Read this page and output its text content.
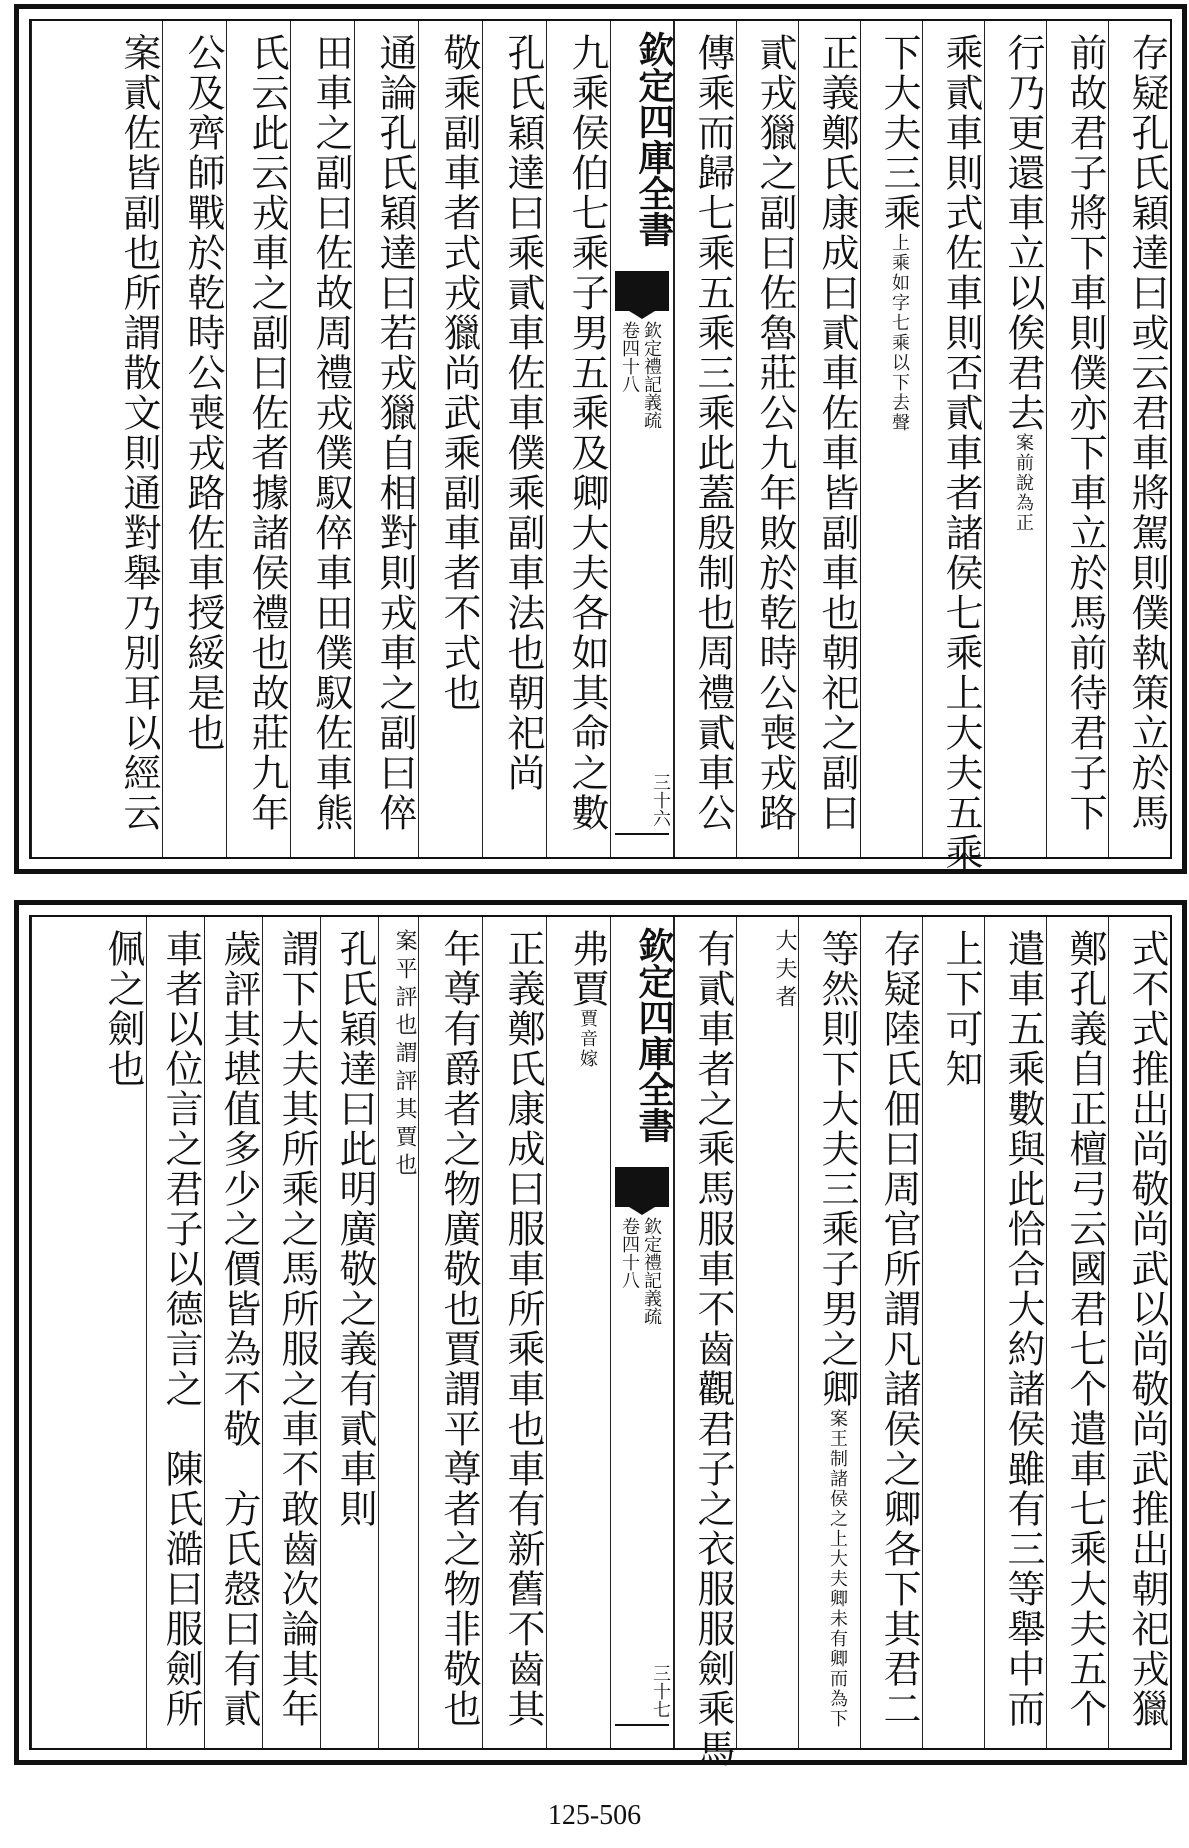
存疑孔氏穎達曰或云君車將駕則僕執策立於馬
前故君子將下車則僕亦下車立於馬前待君子下
行乃更還車立以俟君去案前說為正
乘貳車則式佐車則否貳車者諸侯七乘上大夫五乘
下大夫三乘上乘如字七乘以下去聲
正義鄭氏康成曰貳車佐車皆副車也朝祀之副曰
貳戎獵之副曰佐魯莊公九年敗於乾時公喪戎路
傳乘而歸七乘五乘三乘此蓋殷制也周禮貳車公
欽定四庫全書
欽定禮記義疏
卷四十八
三十六
九乘侯伯七乘子男五乘及卿大夫各如其命之數
孔氏穎達曰乘貳車佐車僕乘副車法也朝祀尚
敬乘副車者式戎獵尚武乘副車者不式也
通論孔氏穎達曰若戎獵自相對則戎車之副曰倅
田車之副曰佐故周禮戎僕馭倅車田僕馭佐車熊
氏云此云戎車之副曰佐者據諸侯禮也故莊九年
公及齊師戰於乾時公喪戎路佐車授綏是也
案貳佐皆副也所謂散文則通對舉乃別耳以經云
式不式推出尚敬尚武以尚敬尚武推出朝祀戎獵
鄭孔義自正檀弓云國君七个遣車七乘大夫五个
遣車五乘數與此恰合大約諸侯雖有三等舉中而
上下可知
存疑陸氏佃曰周官所謂凡諸侯之卿各下其君二
等然則下大夫三乘子男之卿案王制諸侯之上大夫卿未有卿而為下
大夫者
有貳車者之乘馬服車不齒觀君子之衣服服劍乘馬
欽定四庫全書
欽定禮記義疏
卷四十八
三十七
弗賈賈音嫁
正義鄭氏康成曰服車所乘車也車有新舊不齒其
年尊有爵者之物廣敬也賈謂平尊者之物非敬也
案平評也謂評其賈也
孔氏穎達曰此明廣敬之義有貳車則
謂下大夫其所乘之馬所服之車不敢齒次論其年
歲評其堪值多少之價皆為不敬　方氏慤曰有貳
車者以位言之君子以德言之　陳氏澔曰服劍所
佩之劍也
125-506
